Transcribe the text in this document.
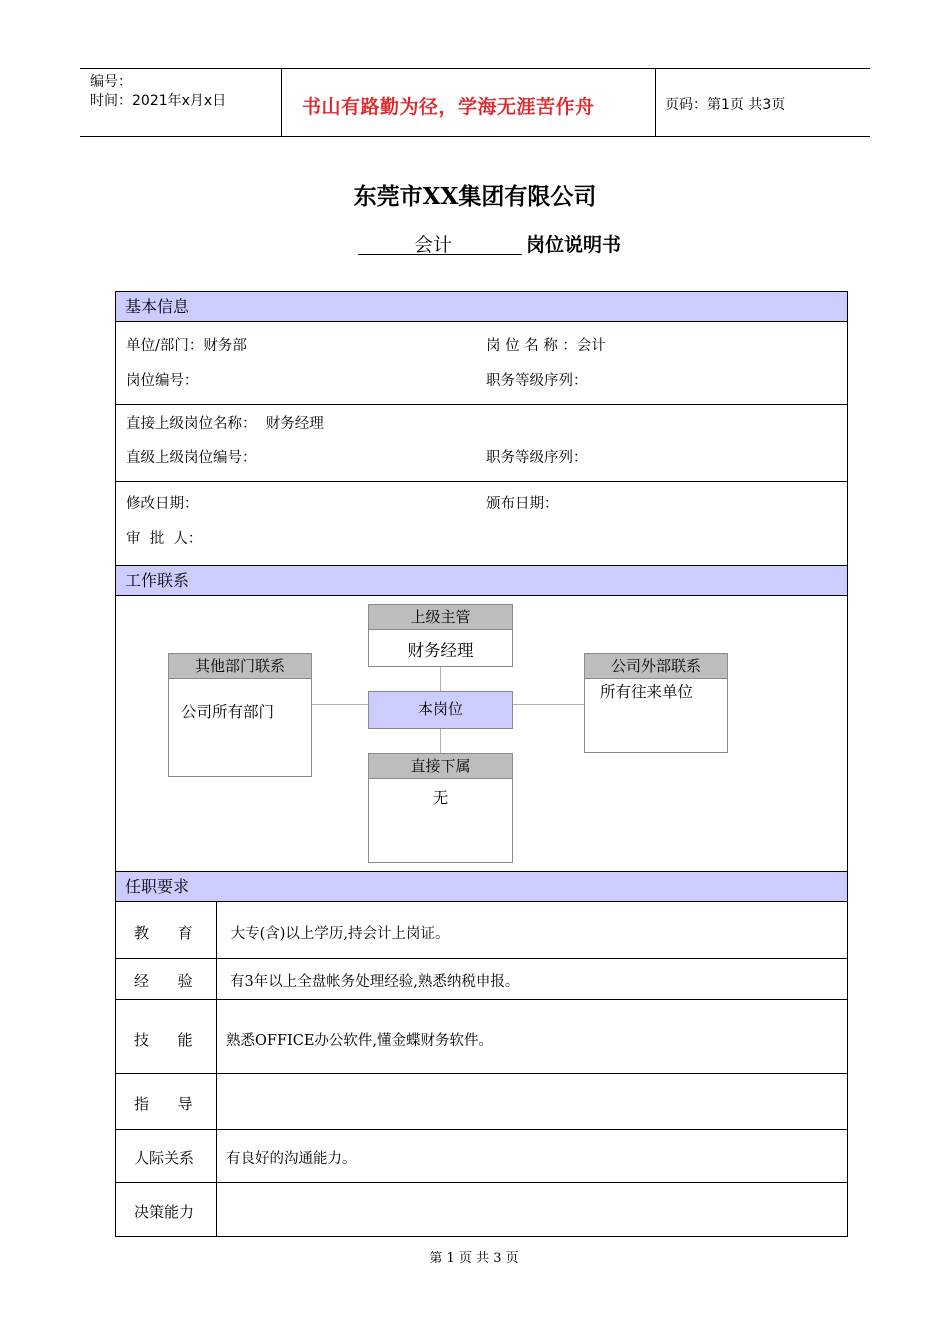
编号：
时间：2021年x月x日	书山有路勤为径，学海无涯苦作舟	页码：第1页 共3页
东莞市XX集团有限公司
会计	岗位说明书
基本信息
单位/部门：财务部	岗 位 名 称 ：会计
岗位编号：	职务等级序列：
直接上级岗位名称：  财务经理
直级上级岗位编号：	职务等级序列：
修改日期：	颁布日期：
审  批  人：
工作联系
上级主管
财务经理
其他部门联系
公司所有部门	本岗位
公司外部联系
所有往来单位
直接下属
无
任职要求
教      育 大专(含)以上学历,持会计上岗证。
经      验	有3年以上全盘帐务处理经验,熟悉纳税申报。
技      能 熟悉OFFICE办公软件,懂金蝶财务软件。
指      导
人际关系 有良好的沟通能力。
决策能力
第 1 页 共 3 页
